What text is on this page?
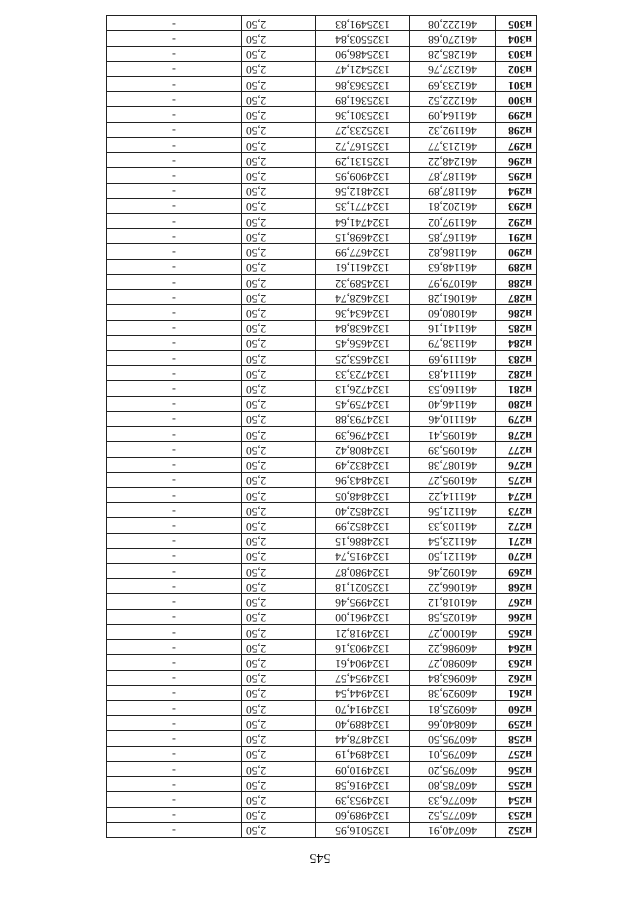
545
н252	460740,91	1325016,95	2,50	-
н253	460775,52	1324989,60	2,50	-
н254	460776,33	1324953,39	2,50	-
н255	460785,80	1324916,58	2,50	-
н256	460795,20	1324910,09	2,50	-
н257	460795,01	1324894,19	2,50	-
н258	460795,50	1324878,44	2,50	-
н259	460840,66	1324889,40	2,50	-
н260	460925,81	1324914,70	2,50	-
н261	460929,38	1324944,54	2,50	-
н262	460963,84	1324954,57	2,50	-
н263	460980,27	1324904,61	2,50	-
н264	460986,22	1324903,16	2,50	-
н265	461000,27	1324918,21	2,50	-
н266	461025,58	1324961,00	2,50	-
н267	461018,12	1324995,46	2,50	-
н268	461066,22	1325021,18	2,50	-
н269	461092,46	1324980,87	2,50	-
н270	461121,50	1324915,74	2,50	-
н271	461123,54	1324886,15	2,50	-
н272	461103,33	1324852,99	2,50	-
н273	461121,56	1324852,40	2,50	-
н274	461114,22	1324848,05	2,50	-
н275	461095,27	1324843,96	2,50	-
н276	461087,38	1324832,49	2,50	-
н277	461095,39	1324808,42	2,50	-
н278	461095,41	1324796,39	2,50	-
н279	461110,46	1324793,88	2,50	-
н280	461146,40	1324759,45	2,50	-
н281	461160,53	1324726,13	2,50	-
н282	461114,83	1324723,33	2,50	-
н283	461119,69	1324653,25	2,50	-
н284	461138,79	1324656,45	2,50	-
н285	461141,16	1324638,84	2,50	-
н286	461080,60	1324634,36	2,50	-
н287	461061,28	1324628,74	2,50	-
н288	461079,97	1324589,32	2,50	-
н289	461148,63	1324611,61	2,50	-
н290	461186,82	1324677,99	2,50	-
н291	461167,85	1324698,15	2,50	-
н292	461197,02	1324741,64	2,50	-
н293	461202,81	1324771,35	2,50	-
н294	461187,89	1324812,56	2,50	-
н295	461187,87	1324909,95	2,50	-
н296	461248,22	1325131,29	2,50	-
н297	461213,77	1325167,72	2,50	-
н298	461192,32	1325233,27	2,50	-
н299	461164,09	1325301,36	2,50	-
н300	461222,52	1325361,89	2,50	-
н301	461233,69	1325363,86	2,50	-
н302	461237,76	1325421,47	2,50	-
н303	461285,28	1325486,90	2,50	-
н304	461270,68	1325503,84	2,50	-
н305	461222,08	1325491,83	2,50	-
